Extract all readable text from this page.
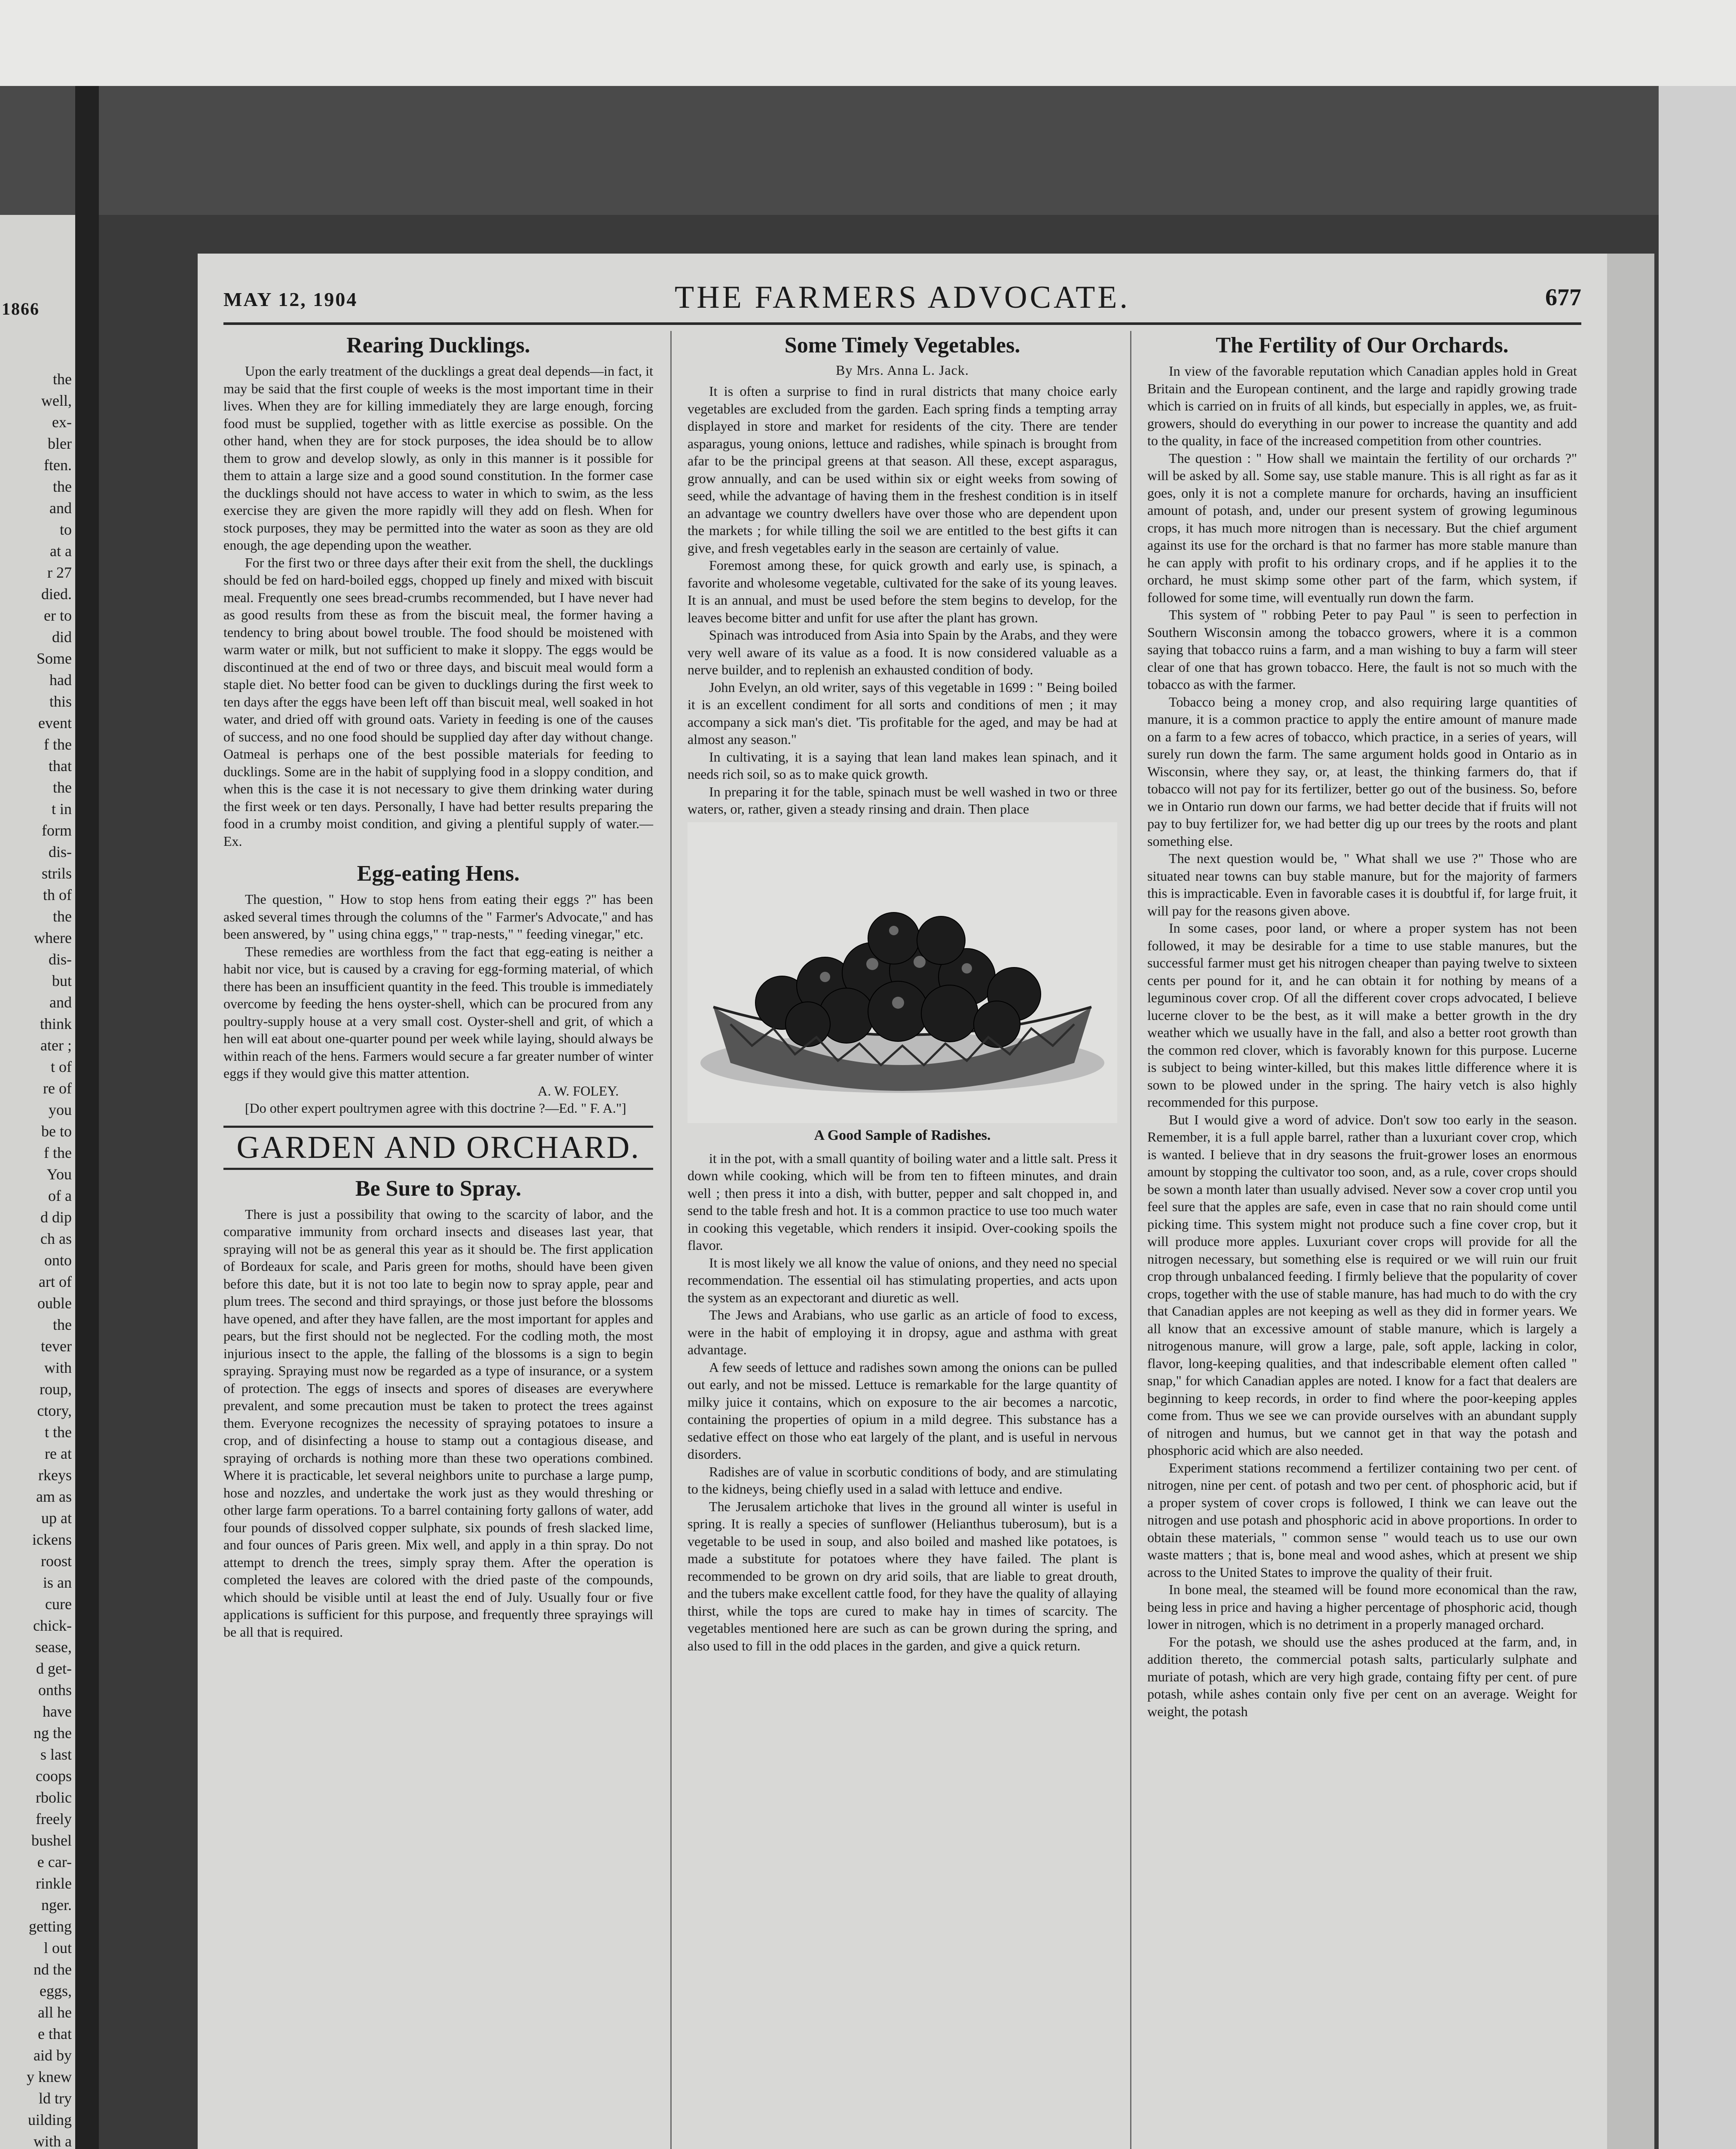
1866
the
well,
ex-
bler
ften.
the
and
to
at a
r 27
died.
er to
did
Some
had
this
event
f the
that
the
t in
form
dis-
strils
th of
the
where
dis-
but
and
think
ater ;
t of
re of
you
be to
f the
You
of a
d dip
ch as
onto
art of
ouble
the
tever
with
roup,
ctory,
t the
re at
rkeys
am as
up at
ickens
roost
is an
cure
chick-
sease,
d get-
onths
have
ng the
s last
coops
rbolic
freely
bushel
e car-
rinkle
nger.
getting
l out
nd the
eggs,
all he
e that
aid by
y knew
ld try
uilding
with a
MAY 12, 1904	THE FARMERS ADVOCATE.	677
Rearing Ducklings.

Upon the early treatment of the ducklings a great deal depends—in fact, it may be said that the first couple of weeks is the most important time in their lives. When they are for killing immediately they are large enough, forcing food must be supplied, together with as little exercise as possible. On the other hand, when they are for stock purposes, the idea should be to allow them to grow and develop slowly, as only in this manner is it possible for them to attain a large size and a good sound constitution. In the former case the ducklings should not have access to water in which to swim, as the less exercise they are given the more rapidly will they add on flesh. When for stock purposes, they may be permitted into the water as soon as they are old enough, the age depending upon the weather.

For the first two or three days after their exit from the shell, the ducklings should be fed on hard-boiled eggs, chopped up finely and mixed with biscuit meal. Frequently one sees bread-crumbs recommended, but I have never had as good results from these as from the biscuit meal, the former having a tendency to bring about bowel trouble. The food should be moistened with warm water or milk, but not sufficient to make it sloppy. The eggs would be discontinued at the end of two or three days, and biscuit meal would form a staple diet. No better food can be given to ducklings during the first week to ten days after the eggs have been left off than biscuit meal, well soaked in hot water, and dried off with ground oats. Variety in feeding is one of the causes of success, and no one food should be supplied day after day without change. Oatmeal is perhaps one of the best possible materials for feeding to ducklings. Some are in the habit of supplying food in a sloppy condition, and when this is the case it is not necessary to give them drinking water during the first week or ten days. Personally, I have had better results preparing the food in a crumby moist condition, and giving a plentiful supply of water.—Ex.

Egg-eating Hens.

The question, " How to stop hens from eating their eggs ?" has been asked several times through the columns of the " Farmer's Advocate," and has been answered, by " using china eggs," " trap-nests," " feeding vinegar," etc.

These remedies are worthless from the fact that egg-eating is neither a habit nor vice, but is caused by a craving for egg-forming material, of which there has been an insufficient quantity in the feed. This trouble is immediately overcome by feeding the hens oyster-shell, which can be procured from any poultry-supply house at a very small cost. Oyster-shell and grit, of which a hen will eat about one-quarter pound per week while laying, should always be within reach of the hens. Farmers would secure a far greater number of winter eggs if they would give this matter attention.

A. W. FOLEY.

[Do other expert poultrymen agree with this doctrine ?—Ed. " F. A."]

GARDEN AND ORCHARD.
Be Sure to Spray.

There is just a possibility that owing to the scarcity of labor, and the comparative immunity from orchard insects and diseases last year, that spraying will not be as general this year as it should be. The first application of Bordeaux for scale, and Paris green for moths, should have been given before this date, but it is not too late to begin now to spray apple, pear and plum trees. The second and third sprayings, or those just before the blossoms have opened, and after they have fallen, are the most important for apples and pears, but the first should not be neglected. For the codling moth, the most injurious insect to the apple, the falling of the blossoms is a sign to begin spraying. Spraying must now be regarded as a type of insurance, or a system of protection. The eggs of insects and spores of diseases are everywhere prevalent, and some precaution must be taken to protect the trees against them. Everyone recognizes the necessity of spraying potatoes to insure a crop, and of disinfecting a house to stamp out a contagious disease, and spraying of orchards is nothing more than these two operations combined. Where it is practicable, let several neighbors unite to purchase a large pump, hose and nozzles, and undertake the work just as they would threshing or other large farm operations. To a barrel containing forty gallons of water, add four pounds of dissolved copper sulphate, six pounds of fresh slacked lime, and four ounces of Paris green. Mix well, and apply in a thin spray. Do not attempt to drench the trees, simply spray them. After the operation is completed the leaves are colored with the dried paste of the compounds, which should be visible until at least the end of July. Usually four or five applications is sufficient for this purpose, and frequently three sprayings will be all that is required.

Some Timely Vegetables.
By Mrs. Anna L. Jack.

It is often a surprise to find in rural districts that many choice early vegetables are excluded from the garden. Each spring finds a tempting array displayed in store and market for residents of the city. There are tender asparagus, young onions, lettuce and radishes, while spinach is brought from afar to be the principal greens at that season. All these, except asparagus, grow annually, and can be used within six or eight weeks from sowing of seed, while the advantage of having them in the freshest condition is in itself an advantage we country dwellers have over those who are dependent upon the markets ; for while tilling the soil we are entitled to the best gifts it can give, and fresh vegetables early in the season are certainly of value.

Foremost among these, for quick growth and early use, is spinach, a favorite and wholesome vegetable, cultivated for the sake of its young leaves. It is an annual, and must be used before the stem begins to develop, for the leaves become bitter and unfit for use after the plant has grown.

Spinach was introduced from Asia into Spain by the Arabs, and they were very well aware of its value as a food. It is now considered valuable as a nerve builder, and to replenish an exhausted condition of body.

John Evelyn, an old writer, says of this vegetable in 1699 : " Being boiled it is an excellent condiment for all sorts and conditions of men ; it may accompany a sick man's diet. 'Tis profitable for the aged, and may be had at almost any season."

In cultivating, it is a saying that lean land makes lean spinach, and it needs rich soil, so as to make quick growth.

In preparing it for the table, spinach must be well washed in two or three waters, or, rather, given a steady rinsing and drain. Then place

A Good Sample of Radishes.

it in the pot, with a small quantity of boiling water and a little salt. Press it down while cooking, which will be from ten to fifteen minutes, and drain well ; then press it into a dish, with butter, pepper and salt chopped in, and send to the table fresh and hot. It is a common practice to use too much water in cooking this vegetable, which renders it insipid. Over-cooking spoils the flavor.

It is most likely we all know the value of onions, and they need no special recommendation. The essential oil has stimulating properties, and acts upon the system as an expectorant and diuretic as well.

The Jews and Arabians, who use garlic as an article of food to excess, were in the habit of employing it in dropsy, ague and asthma with great advantage.

A few seeds of lettuce and radishes sown among the onions can be pulled out early, and not be missed. Lettuce is remarkable for the large quantity of milky juice it contains, which on exposure to the air becomes a narcotic, containing the properties of opium in a mild degree. This substance has a sedative effect on those who eat largely of the plant, and is useful in nervous disorders.

Radishes are of value in scorbutic conditions of body, and are stimulating to the kidneys, being chiefly used in a salad with lettuce and endive.

The Jerusalem artichoke that lives in the ground all winter is useful in spring. It is really a species of sunflower (Helianthus tuberosum), but is a vegetable to be used in soup, and also boiled and mashed like potatoes, is made a substitute for potatoes where they have failed. The plant is recommended to be grown on dry arid soils, that are liable to great drouth, and the tubers make excellent cattle food, for they have the quality of allaying thirst, while the tops are cured to make hay in times of scarcity. The vegetables mentioned here are such as can be grown during the spring, and also used to fill in the odd places in the garden, and give a quick return.

The Fertility of Our Orchards.

In view of the favorable reputation which Canadian apples hold in Great Britain and the European continent, and the large and rapidly growing trade which is carried on in fruits of all kinds, but especially in apples, we, as fruit-growers, should do everything in our power to increase the quantity and add to the quality, in face of the increased competition from other countries.

The question : " How shall we maintain the fertility of our orchards ?" will be asked by all. Some say, use stable manure. This is all right as far as it goes, only it is not a complete manure for orchards, having an insufficient amount of potash, and, under our present system of growing leguminous crops, it has much more nitrogen than is necessary. But the chief argument against its use for the orchard is that no farmer has more stable manure than he can apply with profit to his ordinary crops, and if he applies it to the orchard, he must skimp some other part of the farm, which system, if followed for some time, will eventually run down the farm.

This system of " robbing Peter to pay Paul " is seen to perfection in Southern Wisconsin among the tobacco growers, where it is a common saying that tobacco ruins a farm, and a man wishing to buy a farm will steer clear of one that has grown tobacco. Here, the fault is not so much with the tobacco as with the farmer.

Tobacco being a money crop, and also requiring large quantities of manure, it is a common practice to apply the entire amount of manure made on a farm to a few acres of tobacco, which practice, in a series of years, will surely run down the farm. The same argument holds good in Ontario as in Wisconsin, where they say, or, at least, the thinking farmers do, that if tobacco will not pay for its fertilizer, better go out of the business. So, before we in Ontario run down our farms, we had better decide that if fruits will not pay to buy fertilizer for, we had better dig up our trees by the roots and plant something else.

The next question would be, " What shall we use ?" Those who are situated near towns can buy stable manure, but for the majority of farmers this is impracticable. Even in favorable cases it is doubtful if, for large fruit, it will pay for the reasons given above.

In some cases, poor land, or where a proper system has not been followed, it may be desirable for a time to use stable manures, but the successful farmer must get his nitrogen cheaper than paying twelve to sixteen cents per pound for it, and he can obtain it for nothing by means of a leguminous cover crop. Of all the different cover crops advocated, I believe lucerne clover to be the best, as it will make a better growth in the dry weather which we usually have in the fall, and also a better root growth than the common red clover, which is favorably known for this purpose. Lucerne is subject to being winter-killed, but this makes little difference where it is sown to be plowed under in the spring. The hairy vetch is also highly recommended for this purpose.

But I would give a word of advice. Don't sow too early in the season. Remember, it is a full apple barrel, rather than a luxuriant cover crop, which is wanted. I believe that in dry seasons the fruit-grower loses an enormous amount by stopping the cultivator too soon, and, as a rule, cover crops should be sown a month later than usually advised. Never sow a cover crop until you feel sure that the apples are safe, even in case that no rain should come until picking time. This system might not produce such a fine cover crop, but it will produce more apples. Luxuriant cover crops will provide for all the nitrogen necessary, but something else is required or we will ruin our fruit crop through unbalanced feeding. I firmly believe that the popularity of cover crops, together with the use of stable manure, has had much to do with the cry that Canadian apples are not keeping as well as they did in former years. We all know that an excessive amount of stable manure, which is largely a nitrogenous manure, will grow a large, pale, soft apple, lacking in color, flavor, long-keeping qualities, and that indescribable element often called " snap," for which Canadian apples are noted. I know for a fact that dealers are beginning to keep records, in order to find where the poor-keeping apples come from. Thus we see we can provide ourselves with an abundant supply of nitrogen and humus, but we cannot get in that way the potash and phosphoric acid which are also needed.

Experiment stations recommend a fertilizer containing two per cent. of nitrogen, nine per cent. of potash and two per cent. of phosphoric acid, but if a proper system of cover crops is followed, I think we can leave out the nitrogen and use potash and phosphoric acid in above proportions. In order to obtain these materials, " common sense " would teach us to use our own waste matters ; that is, bone meal and wood ashes, which at present we ship across to the United States to improve the quality of their fruit.

In bone meal, the steamed will be found more economical than the raw, being less in price and having a higher percentage of phosphoric acid, though lower in nitrogen, which is no detriment in a properly managed orchard.

For the potash, we should use the ashes produced at the farm, and, in addition thereto, the commercial potash salts, particularly sulphate and muriate of potash, which are very high grade, containg fifty per cent. of pure potash, while ashes contain only five per cent on an average. Weight for weight, the potash
